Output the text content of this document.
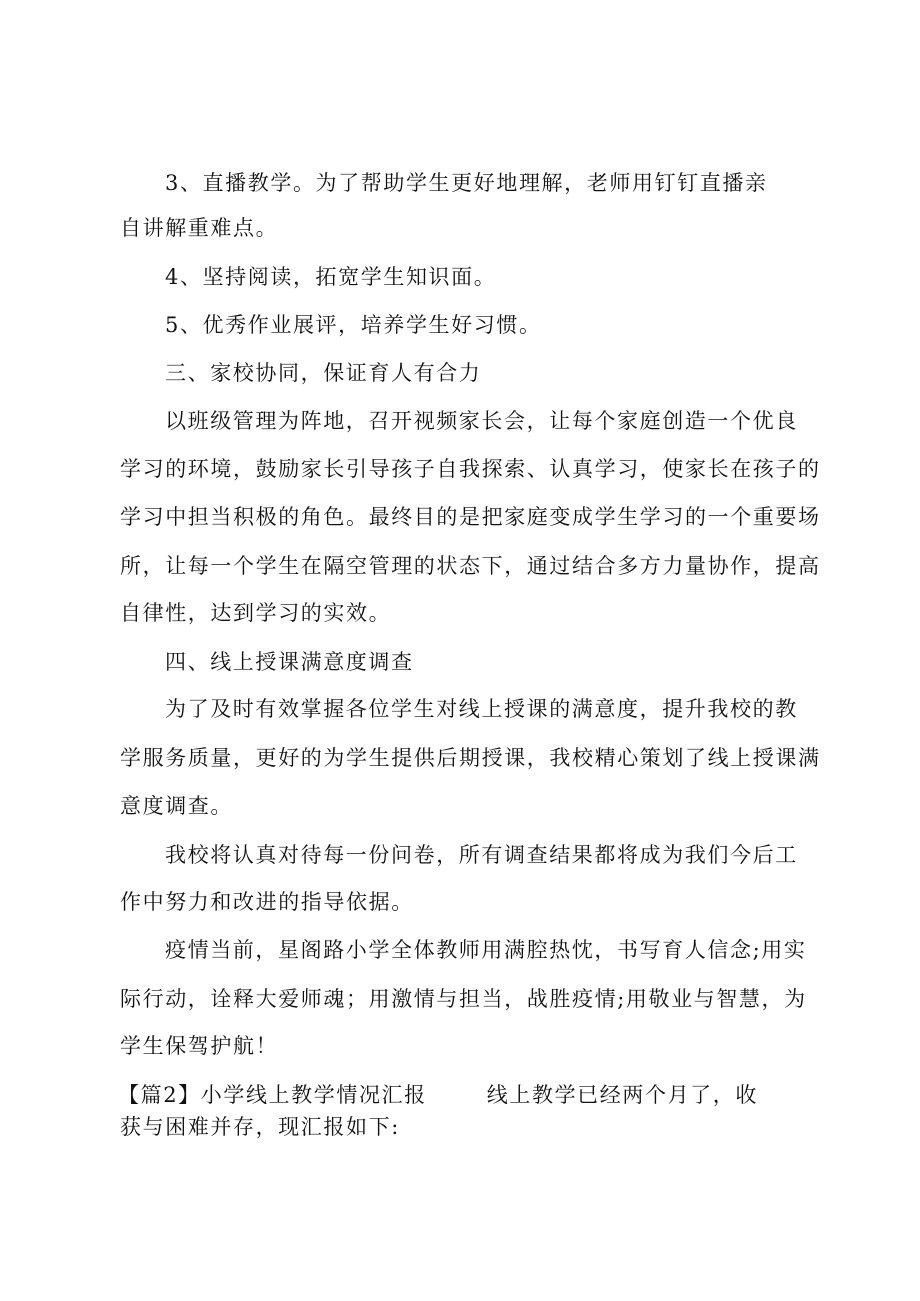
3、直播教学。为了帮助学生更好地理解，老师用钉钉直播亲
自讲解重难点。
4、坚持阅读，拓宽学生知识面。
5、优秀作业展评，培养学生好习惯。
三、家校协同，保证育人有合力
以班级管理为阵地，召开视频家长会，让每个家庭创造一个优良
学习的环境，鼓励家长引导孩子自我探索、认真学习，使家长在孩子的
学习中担当积极的角色。最终目的是把家庭变成学生学习的一个重要场
所，让每一个学生在隔空管理的状态下，通过结合多方力量协作，提高
自律性，达到学习的实效。
四、线上授课满意度调查
为了及时有效掌握各位学生对线上授课的满意度，提升我校的教
学服务质量，更好的为学生提供后期授课，我校精心策划了线上授课满
意度调查。
我校将认真对待每一份问卷，所有调查结果都将成为我们今后工
作中努力和改进的指导依据。
疫情当前，星阁路小学全体教师用满腔热忱，书写育人信念;用实
际行动，诠释大爱师魂；用激情与担当，战胜疫情;用敬业与智慧，为
学生保驾护航！
【篇2】小学线上教学情况汇报	线上教学已经两个月了，收
获与困难并存，现汇报如下:
